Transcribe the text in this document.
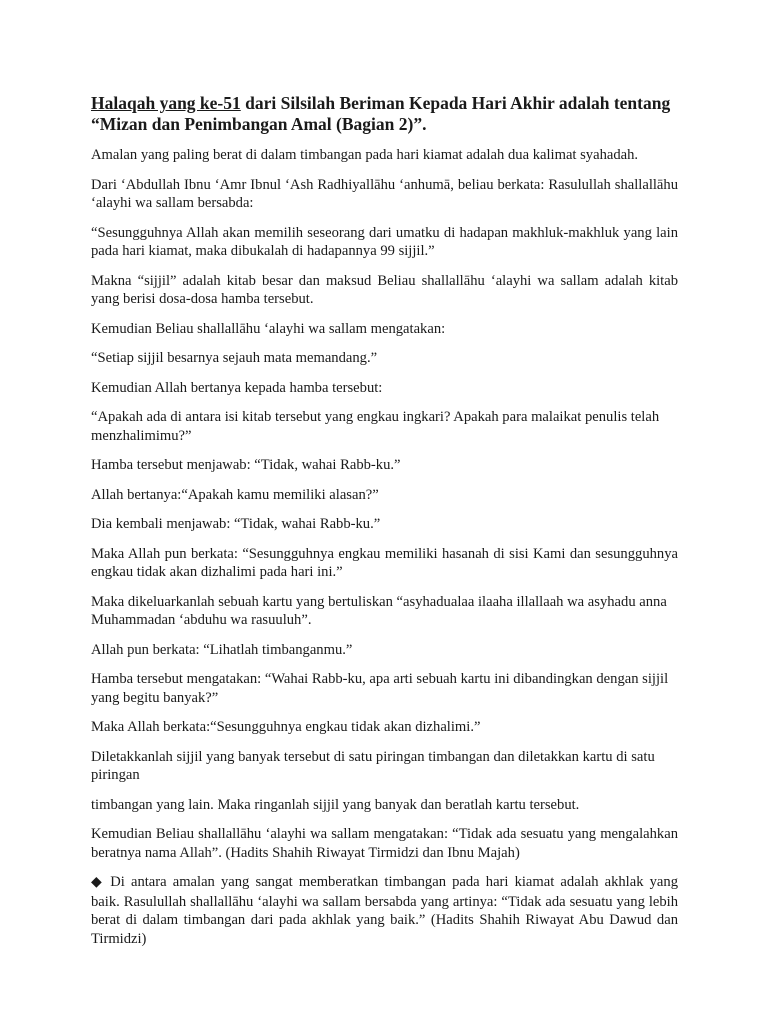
Halaqah yang ke-51 dari Silsilah Beriman Kepada Hari Akhir adalah tentang “Mizan dan Penimbangan Amal (Bagian 2)”.

Amalan yang paling berat di dalam timbangan pada hari kiamat adalah dua kalimat syahadah.

Dari ‘Abdullah Ibnu ‘Amr Ibnul ‘Ash Radhiyallāhu ‘anhumā, beliau berkata: Rasulullah shallallāhu ‘alayhi wa sallam bersabda:

“Sesungguhnya Allah akan memilih seseorang dari umatku di hadapan makhluk-makhluk yang lain pada hari kiamat, maka dibukalah di hadapannya 99 sijjil.”

Makna “sijjil” adalah kitab besar dan maksud Beliau shallallāhu ‘alayhi wa sallam adalah kitab yang berisi dosa-dosa hamba tersebut.

Kemudian Beliau shallallāhu ‘alayhi wa sallam mengatakan:

“Setiap sijjil besarnya sejauh mata memandang.”

Kemudian Allah bertanya kepada hamba tersebut:

“Apakah ada di antara isi kitab tersebut yang engkau ingkari? Apakah para malaikat penulis telah menzhalimimu?”

Hamba tersebut menjawab: “Tidak, wahai Rabb-ku.”

Allah bertanya:“Apakah kamu memiliki alasan?”

Dia kembali menjawab: “Tidak, wahai Rabb-ku.”

Maka Allah pun berkata: “Sesungguhnya engkau memiliki hasanah di sisi Kami dan sesungguhnya engkau tidak akan dizhalimi pada hari ini.”

Maka dikeluarkanlah sebuah kartu yang bertuliskan “asyhadualaa ilaaha illallaah wa asyhadu anna Muhammadan ‘abduhu wa rasuuluh”.

Allah pun berkata: “Lihatlah timbanganmu.”

Hamba tersebut mengatakan: “Wahai Rabb-ku, apa arti sebuah kartu ini dibandingkan dengan sijjil yang begitu banyak?”

Maka Allah berkata:“Sesungguhnya engkau tidak akan dizhalimi.”

Diletakkanlah sijjil yang banyak tersebut di satu piringan timbangan dan diletakkan kartu di satu piringan

timbangan yang lain. Maka ringanlah sijjil yang banyak dan beratlah kartu tersebut.

Kemudian Beliau shallallāhu ‘alayhi wa sallam mengatakan: “Tidak ada sesuatu yang mengalahkan beratnya nama Allah”. (Hadits Shahih Riwayat Tirmidzi dan Ibnu Majah)

◆ Di antara amalan yang sangat memberatkan timbangan pada hari kiamat adalah akhlak yang baik. Rasulullah shallallāhu ‘alayhi wa sallam bersabda yang artinya: “Tidak ada sesuatu yang lebih berat di dalam timbangan dari pada akhlak yang baik.” (Hadits Shahih Riwayat Abu Dawud dan Tirmidzi)
